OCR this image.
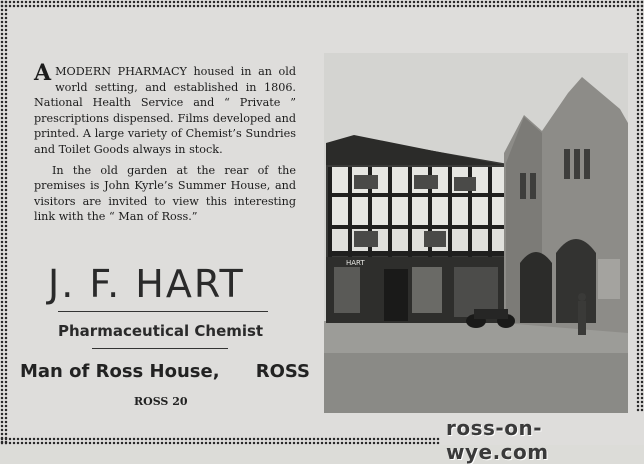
A MODERN PHARMACY housed in an old world setting, and established in 1806. National Health Service and “ Private ” prescriptions dispensed. Films developed and printed. A large variety of Chemist’s Sundries and Toilet Goods always in stock.

In the old garden at the rear of the premises is John Kyrle’s Summer House, and visitors are invited to view this interesting link with the “ Man of Ross.”

J. F. HART
Pharmaceutical Chemist
Man of Ross House, ROSS
ROSS 20
HART
ross-on-wye.com
